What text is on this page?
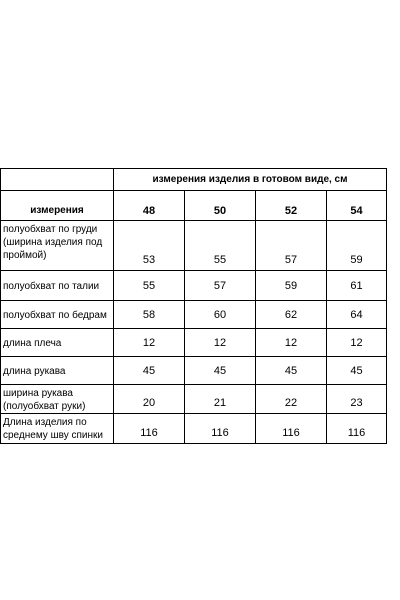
	измерения изделия в готовом виде, см			
измерения	48	50	52	54
полуобхват по груди (ширина изделия под проймой)	53	55	57	59
полуобхват по талии	55	57	59	61
полуобхват по бедрам	58	60	62	64
длина плеча	12	12	12	12
длина рукава	45	45	45	45
ширина рукава (полуобхват руки)	20	21	22	23
Длина изделия по среднему шву спинки	116	116	116	116
